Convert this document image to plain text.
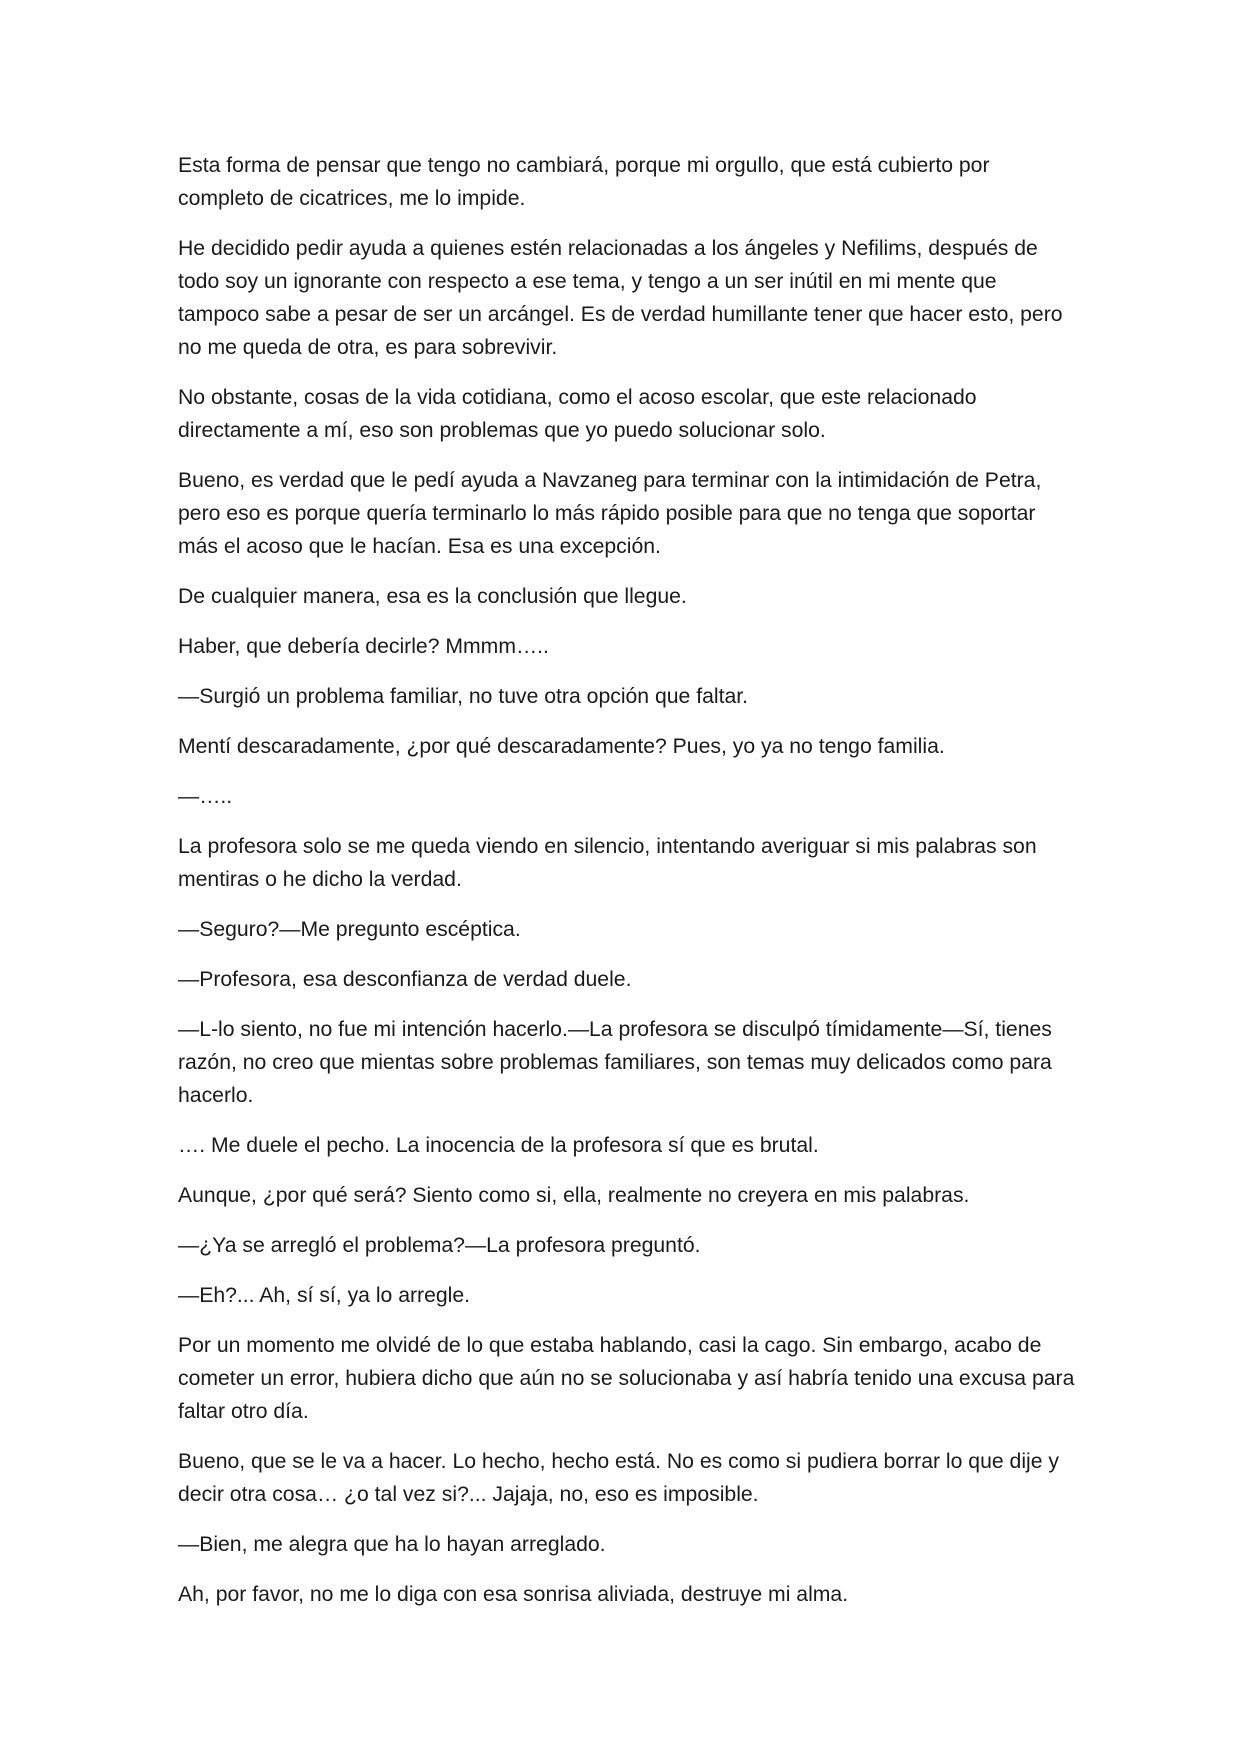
Esta forma de pensar que tengo no cambiará, porque mi orgullo, que está cubierto por completo de cicatrices, me lo impide.

He decidido pedir ayuda a quienes estén relacionadas a los ángeles y Nefilims, después de todo soy un ignorante con respecto a ese tema, y tengo a un ser inútil en mi mente que tampoco sabe a pesar de ser un arcángel. Es de verdad humillante tener que hacer esto, pero no me queda de otra, es para sobrevivir.

No obstante, cosas de la vida cotidiana, como el acoso escolar, que este relacionado directamente a mí, eso son problemas que yo puedo solucionar solo.

Bueno, es verdad que le pedí ayuda a Navzaneg para terminar con la intimidación de Petra, pero eso es porque quería terminarlo lo más rápido posible para que no tenga que soportar más el acoso que le hacían. Esa es una excepción.

De cualquier manera, esa es la conclusión que llegue.

Haber, que debería decirle? Mmmm…..

—Surgió un problema familiar, no tuve otra opción que faltar.

Mentí descaradamente, ¿por qué descaradamente? Pues, yo ya no tengo familia.

—…..

La profesora solo se me queda viendo en silencio, intentando averiguar si mis palabras son mentiras o he dicho la verdad.

—Seguro?—Me pregunto escéptica.

—Profesora, esa desconfianza de verdad duele.

—L-lo siento, no fue mi intención hacerlo.—La profesora se disculpó tímidamente—Sí, tienes razón, no creo que mientas sobre problemas familiares, son temas muy delicados como para hacerlo.

…. Me duele el pecho. La inocencia de la profesora sí que es brutal.

Aunque, ¿por qué será? Siento como si, ella, realmente no creyera en mis palabras.

—¿Ya se arregló el problema?—La profesora preguntó.

—Eh?... Ah, sí sí, ya lo arregle.

Por un momento me olvidé de lo que estaba hablando, casi la cago. Sin embargo, acabo de cometer un error, hubiera dicho que aún no se solucionaba y así habría tenido una excusa para faltar otro día.

Bueno, que se le va a hacer. Lo hecho, hecho está. No es como si pudiera borrar lo que dije y decir otra cosa… ¿o tal vez si?... Jajaja, no, eso es imposible.

—Bien, me alegra que ha lo hayan arreglado.

Ah, por favor, no me lo diga con esa sonrisa aliviada, destruye mi alma.
